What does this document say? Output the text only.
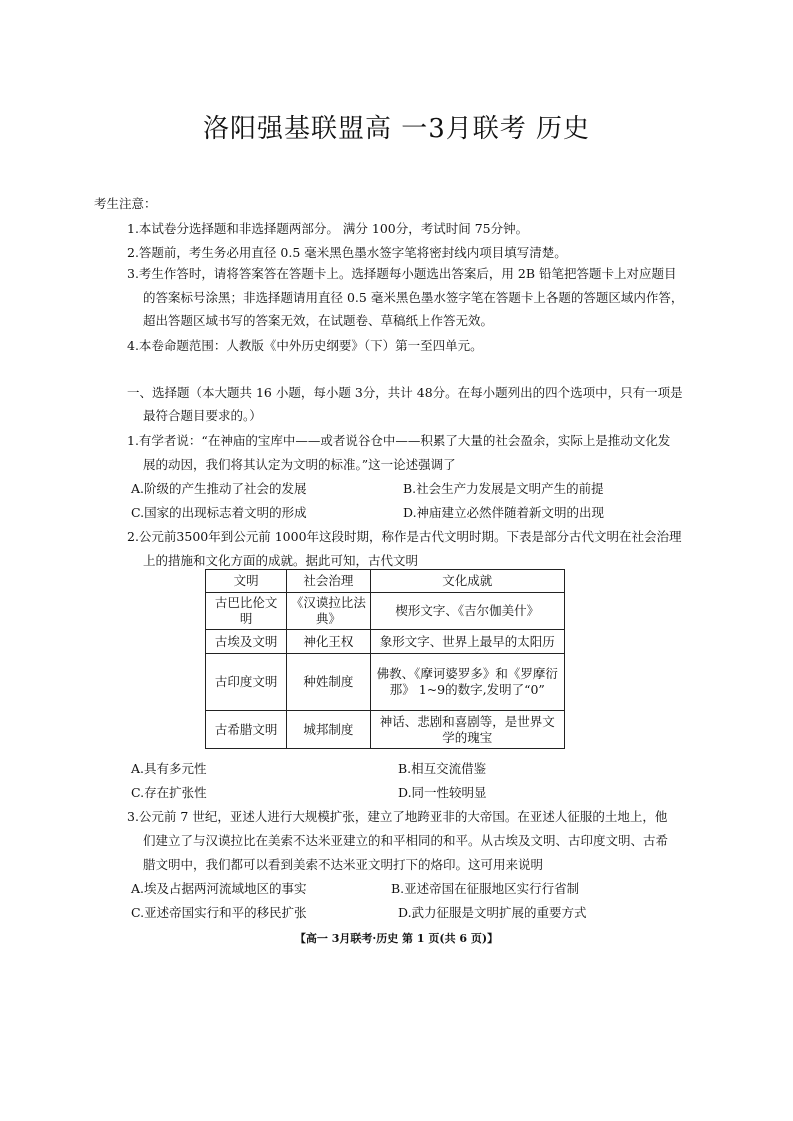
洛阳强基联盟高 一3月联考 历史
考生注意：
1.本试卷分选择题和非选择题两部分。 满分 100分，考试时间 75分钟。
2.答题前，考生务必用直径 0.5 毫米黑色墨水签字笔将密封线内项目填写清楚。
3.考生作答时，请将答案答在答题卡上。选择题每小题选出答案后，用 2B 铅笔把答题卡上对应题目
的答案标号涂黑；非选择题请用直径 0.5 毫米黑色墨水签字笔在答题卡上各题的答题区域内作答，
超出答题区域书写的答案无效，在试题卷、草稿纸上作答无效。
4.本卷命题范围：人教版《中外历史纲要》（下）第一至四单元。
一、选择题（本大题共 16 小题，每小题 3分，共计 48分。在每小题列出的四个选项中，只有一项是
最符合题目要求的。）
1.有学者说：“在神庙的宝库中——或者说谷仓中——积累了大量的社会盈余，实际上是推动文化发
展的动因，我们将其认定为文明的标准。”这一论述强调了
A.阶级的产生推动了社会的发展	B.社会生产力发展是文明产生的前提
C.国家的出现标志着文明的形成	D.神庙建立必然伴随着新文明的出现
2.公元前3500年到公元前 1000年这段时期，称作是古代文明时期。下表是部分古代文明在社会治理
上的措施和文化方面的成就。据此可知，古代文明
文明	社会治理	文化成就
古巴比伦文明	《汉谟拉比法典》	楔形文字、《吉尔伽美什》
古埃及文明	神化王权	象形文字、世界上最早的太阳历
古印度文明	种姓制度	佛教、《摩诃婆罗多》和《罗摩衍那》 1~9的数字,发明了“0”
古希腊文明	城邦制度	神话、悲剧和喜剧等，是世界文学的瑰宝
A.具有多元性	B.相互交流借鉴
C.存在扩张性	D.同一性较明显
3.公元前 7 世纪，亚述人进行大规模扩张，建立了地跨亚非的大帝国。在亚述人征服的土地上，他
们建立了与汉谟拉比在美索不达米亚建立的和平相同的和平。从古埃及文明、古印度文明、古希
腊文明中，我们都可以看到美索不达米亚文明打下的烙印。这可用来说明
A.埃及占据两河流域地区的事实	B.亚述帝国在征服地区实行行省制
C.亚述帝国实行和平的移民扩张	D.武力征服是文明扩展的重要方式
【高一 3月联考·历史 第 1 页(共 6 页)】
